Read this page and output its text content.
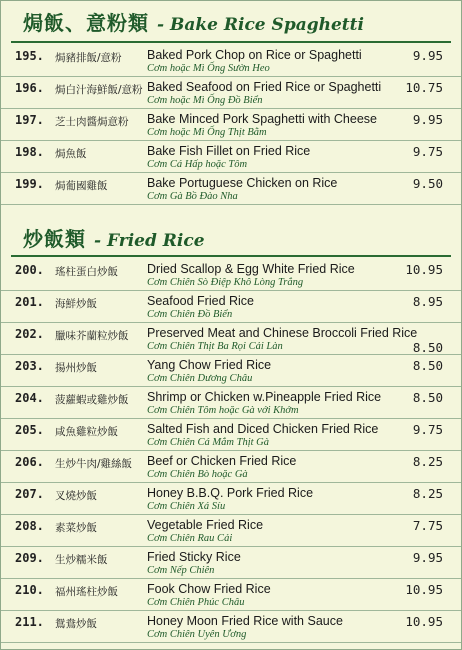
焗飯、意粉類 - Bake Rice Spaghetti
195.	焗豬排飯/意粉	Baked Pork Chop on Rice or Spaghetti
Cơm hoặc Mì Ống Sườn Heo
9.95
196.	焗白汁海鮮飯/意粉 Baked Seafood on Fried Rice or Spaghetti
Cơm hoặc Mì Ống Đồ Biển
10.75
197.	芝士肉醬焗意粉	Bake Minced Pork Spaghetti with Cheese
Cơm hoặc Mì Ống Thịt Bằm
9.95
198.	焗魚飯	Bake Fish Fillet on Fried Rice
Cơm Cá Hấp hoặc Tôm
9.75
199.	焗葡國雞飯	Bake Portuguese Chicken on Rice
Cơm Gà Bồ Đào Nha
9.50
炒飯類 - Fried Rice
200.	瑤柱蛋白炒飯	Dried Scallop & Egg White Fried Rice
Cơm Chiên Sò Điệp Khô Lòng Trắng
10.95
201.	海鮮炒飯	Seafood Fried Rice
Cơm Chiên Đồ Biển
8.95
202.	臘味芥蘭粒炒飯	Preserved Meat and Chinese Broccoli Fried Rice
Cơm Chiên Thịt Ba Rọi Cải Làn	8.50
203.	揚州炒飯	Yang Chow Fried Rice
Cơm Chiên Dương Châu
8.50
204.	菠蘿蝦或雞炒飯	Shrimp or Chicken w.Pineapple Fried Rice
Cơm Chiên Tôm hoặc Gà với Khớm
8.50
205.	咸魚雞粒炒飯	Salted Fish and Diced Chicken Fried Rice
Cơm Chiên Cá Mắm Thịt Gà
9.75
206.	生炒牛肉/雞絲飯	Beef or Chicken Fried Rice
Cơm Chiên Bò hoặc Gà
8.25
207.	叉燒炒飯	Honey B.B.Q. Pork Fried Rice
Cơm Chiên Xá Síu
8.25
208.	素菜炒飯	Vegetable Fried Rice
Cơm Chiên Rau Cải
7.75
209.	生炒糯米飯	Fried Sticky Rice
Cơm Nếp Chiên
9.95
210.	福州瑤柱炒飯	Fook Chow Fried Rice
Cơm Chiên Phúc Châu
10.95
211.	鴛鴦炒飯	Honey Moon Fried Rice with Sauce
Cơm Chiên Uyên Ương
10.95
